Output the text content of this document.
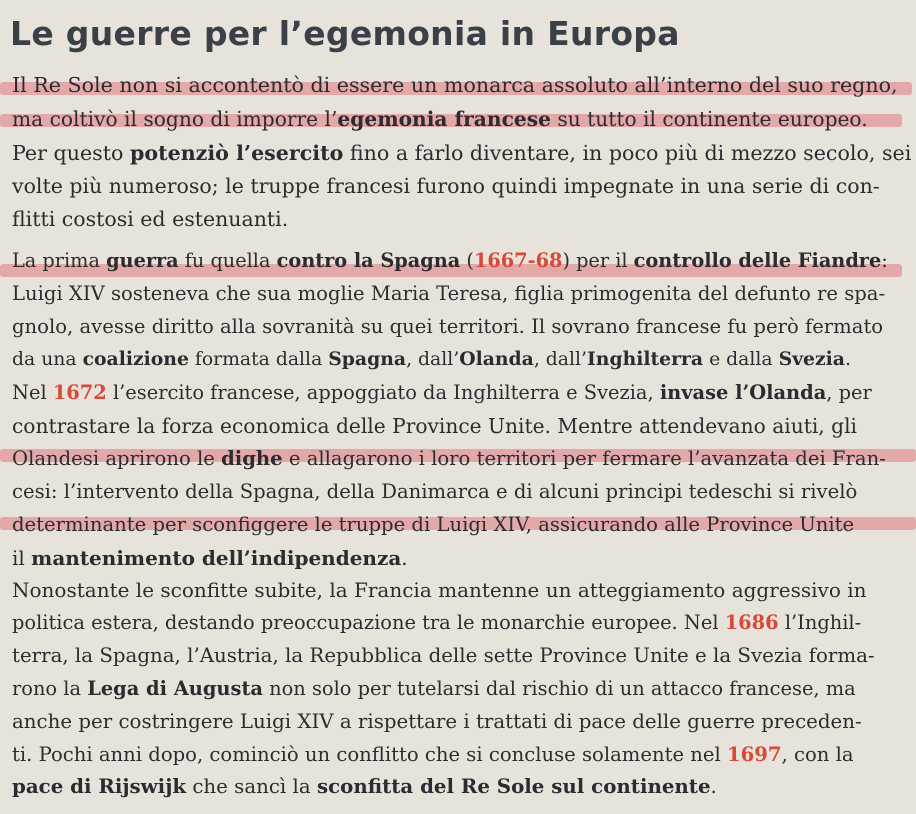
Le guerre per l’egemonia in Europa
Il Re Sole non si accontentò di essere un monarca assoluto all’interno del suo regno,
ma coltivò il sogno di imporre l’egemonia francese su tutto il continente europeo.
Per questo potenziò l’esercito fino a farlo diventare, in poco più di mezzo secolo, sei
volte più numeroso; le truppe francesi furono quindi impegnate in una serie di con-
flitti costosi ed estenuanti.
La prima guerra fu quella contro la Spagna (1667-68) per il controllo delle Fiandre:
Luigi XIV sosteneva che sua moglie Maria Teresa, figlia primogenita del defunto re spa-
gnolo, avesse diritto alla sovranità su quei territori. Il sovrano francese fu però fermato
da una coalizione formata dalla Spagna, dall’Olanda, dall’Inghilterra e dalla Svezia.
Nel 1672 l’esercito francese, appoggiato da Inghilterra e Svezia, invase l’Olanda, per
contrastare la forza economica delle Province Unite. Mentre attendevano aiuti, gli
Olandesi aprirono le dighe e allagarono i loro territori per fermare l’avanzata dei Fran-
cesi: l’intervento della Spagna, della Danimarca e di alcuni principi tedeschi si rivelò
determinante per sconfiggere le truppe di Luigi XIV, assicurando alle Province Unite
il mantenimento dell’indipendenza.
Nonostante le sconfitte subite, la Francia mantenne un atteggiamento aggressivo in
politica estera, destando preoccupazione tra le monarchie europee. Nel 1686 l’Inghil-
terra, la Spagna, l’Austria, la Repubblica delle sette Province Unite e la Svezia forma-
rono la Lega di Augusta non solo per tutelarsi dal rischio di un attacco francese, ma
anche per costringere Luigi XIV a rispettare i trattati di pace delle guerre preceden-
ti. Pochi anni dopo, cominciò un conflitto che si concluse solamente nel 1697, con la
pace di Rijswijk che sancì la sconfitta del Re Sole sul continente.
